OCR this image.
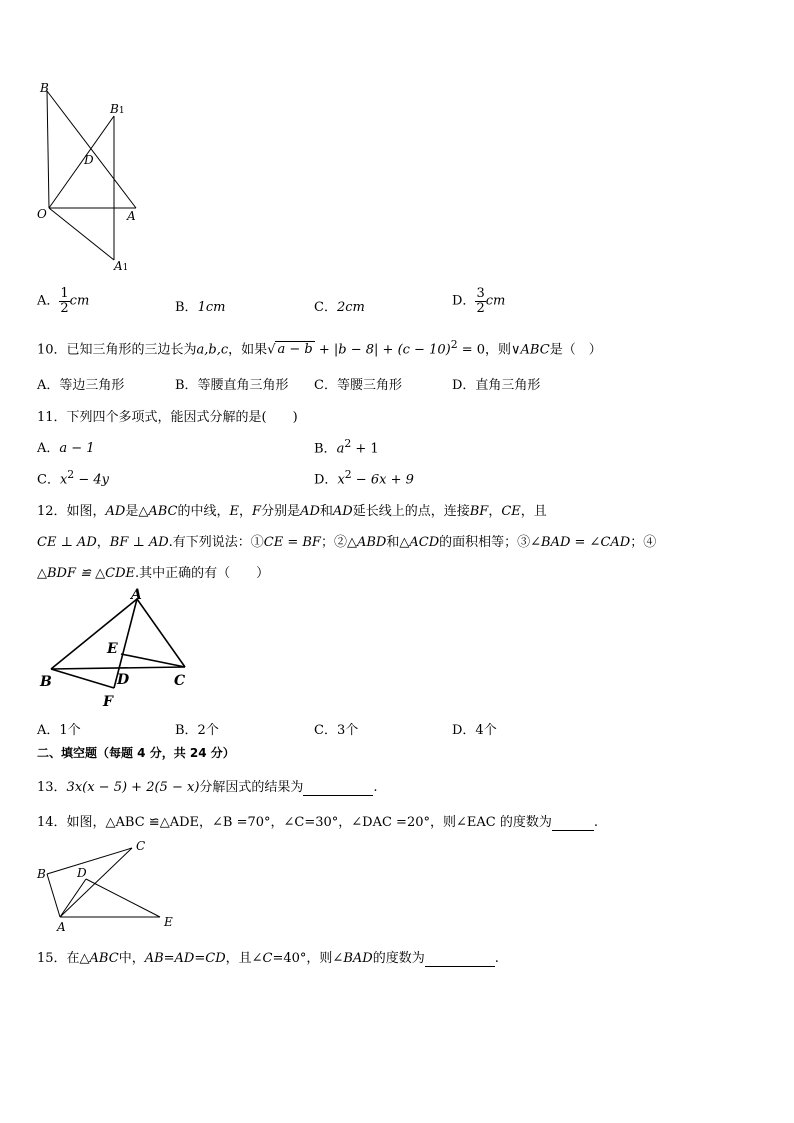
B
B1
D
O	A
A1
A． $\frac{1}{2}$ cm	B．1cm	C．2cm	D． $\frac{3}{2}$ cm
10．已知三角形的三边长为a,b,c，如果√ $a - b + |b - 8| + (c - 10)^2 = 0$，则∨ABC是（　）
A．等边三角形	B．等腰直角三角形 C．等腰三角形	D．直角三角形
11．下列四个多项式，能因式分解的是(　　)
A．a − 1	B．$a^2 + 1$
C．$x^2 - 4y$	D．$x^2 - 6x + 9$
12．如图，AD是△ABC的中线，E，F分别是AD和AD延长线上的点，连接BF，CE，且
CE ⊥ AD，BF ⊥ AD.有下列说法：①CE = BF；②△ABD和△ACD的面积相等；③∠BAD = ∠CAD；④
△BDF ≌ △CDE.其中正确的有（　　）
A
E
B	D	C
F
A．1个	B．2个	C．3个	D．4个
二、填空题（每题 4 分，共 24 分）
13．3x(x − 5) + 2(5 − x)分解因式的结果为	.
14．如图，△ABC ≌△ADE，∠B =70°，∠C=30°，∠DAC =20°，则∠EAC 的度数为	.
C
B	D
A	E
15．在△ABC中，AB=AD=CD，且∠C=40°，则∠BAD的度数为	.
